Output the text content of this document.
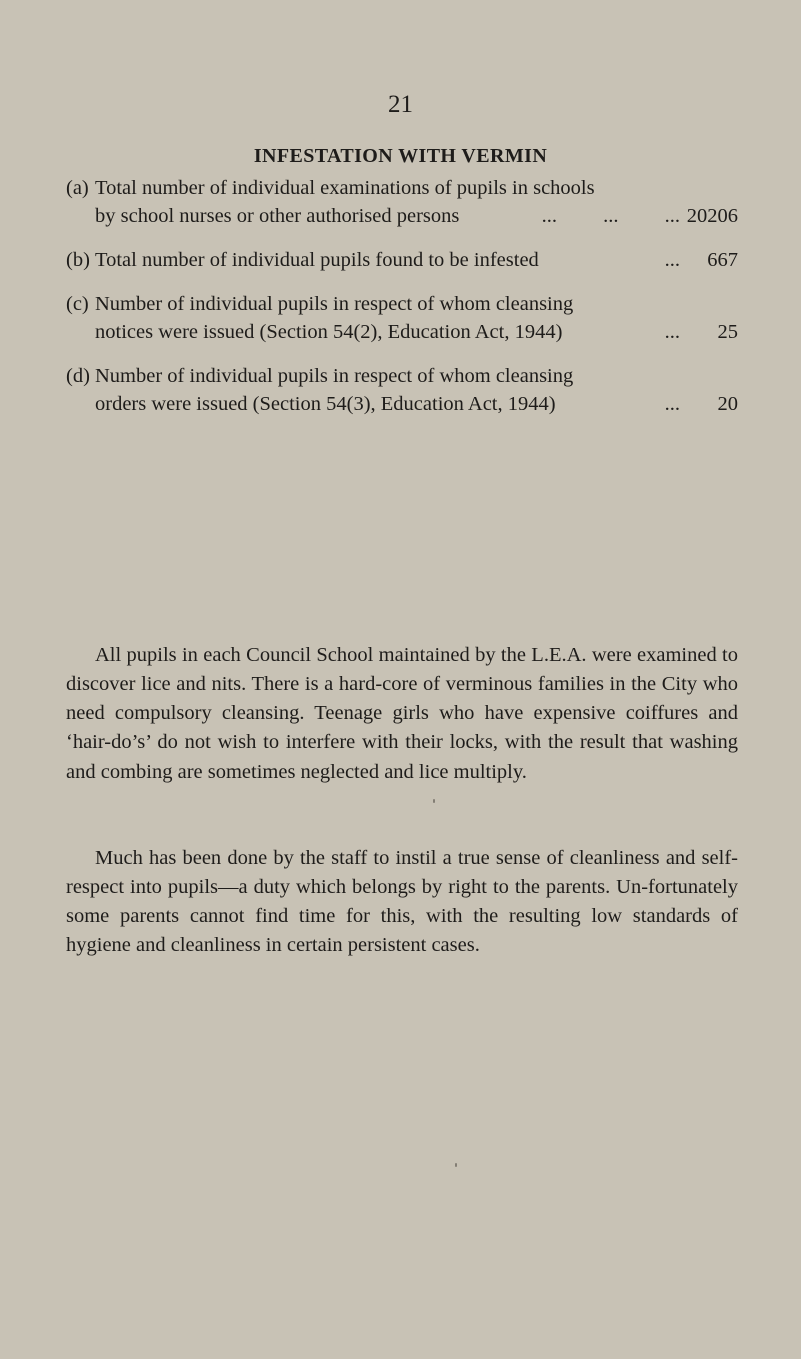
21
INFESTATION WITH VERMIN
(a) Total number of individual examinations of pupils in schools
by school nurses or other authorised persons	...         ...         ... 20206
(b) Total number of individual pupils found to be infested	... 667
(c) Number of individual pupils in respect of whom cleansing
notices were issued (Section 54(2), Education Act, 1944)	... 25
(d) Number of individual pupils in respect of whom cleansing
orders were issued (Section 54(3), Education Act, 1944)	... 20

All pupils in each Council School maintained by the L.E.A. were examined to discover lice and nits. There is a hard-core of verminous families in the City who need compulsory cleansing. Teenage girls who have expensive coiffures and ‘hair-do’s’ do not wish to interfere with their locks, with the result that washing and combing are sometimes neglected and lice multiply.

Much has been done by the staff to instil a true sense of cleanliness and self-respect into pupils—a duty which belongs by right to the parents. Un-fortunately some parents cannot find time for this, with the resulting low standards of hygiene and cleanliness in certain persistent cases.
